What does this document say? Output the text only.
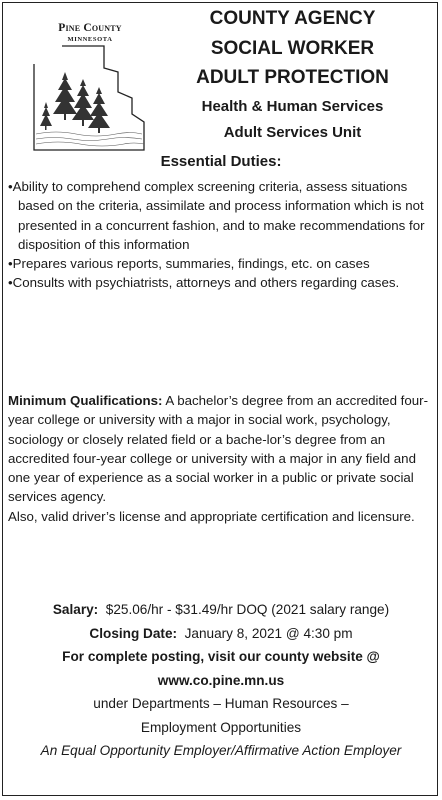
Pine County
MINNESOTA
COUNTY AGENCY
SOCIAL WORKER
ADULT PROTECTION
Health & Human Services
Adult Services Unit
Essential Duties:
•Ability to comprehend complex screening criteria, assess situations based on the criteria, assimilate and process information which is not presented in a concurrent fashion, and to make recommendations for disposition of this information
•Prepares various reports, summaries, findings, etc. on cases
•Consults with psychiatrists, attorneys and others regarding cases.
Minimum Qualifications: A bachelor’s degree from an accredited four-year college or university with a major in social work, psychology, sociology or closely related field or a bache-lor’s degree from an accredited four-year college or university with a major in any field and one year of experience as a social worker in a public or private social services agency.
Also, valid driver’s license and appropriate certification and licensure.
Salary: $25.06/hr - $31.49/hr DOQ (2021 salary range)
Closing Date: January 8, 2021 @ 4:30 pm
For complete posting, visit our county website @
www.co.pine.mn.us
under Departments – Human Resources –
Employment Opportunities
An Equal Opportunity Employer/Affirmative Action Employer
